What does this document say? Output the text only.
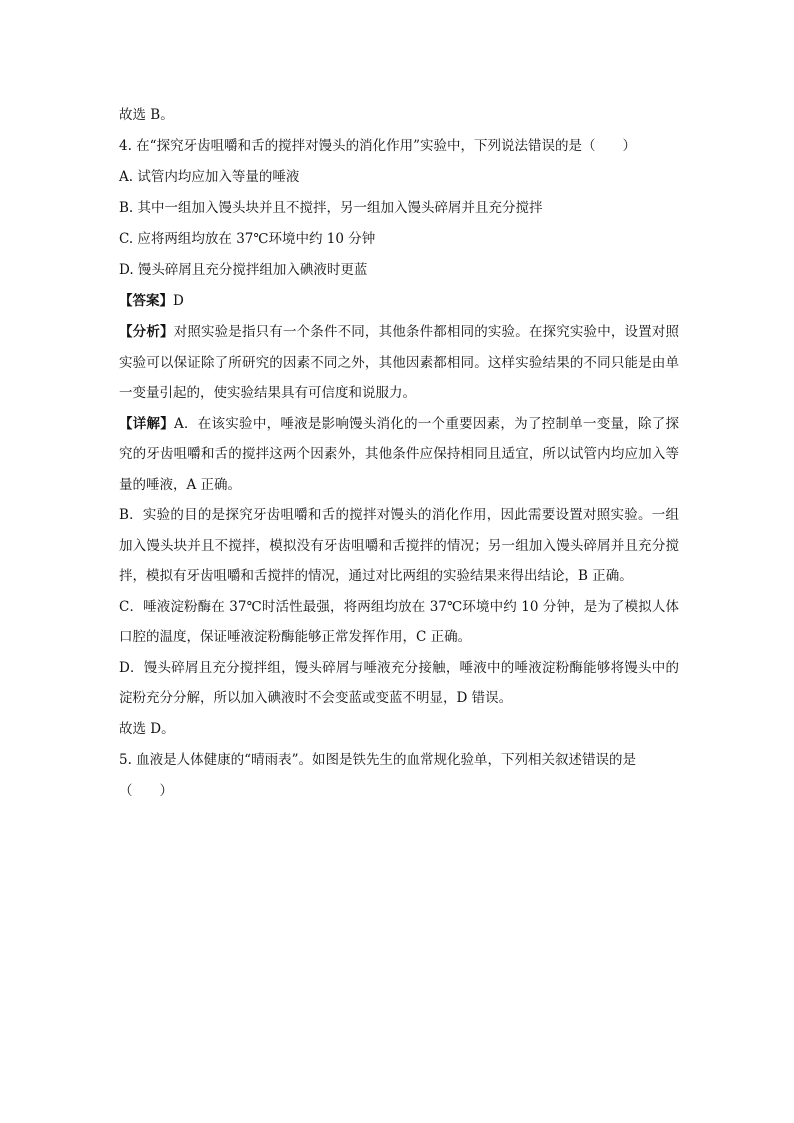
故选 B。

4. 在“探究牙齿咀嚼和舌的搅拌对馒头的消化作用”实验中，下列说法错误的是（　　）

A. 试管内均应加入等量的唾液

B. 其中一组加入馒头块并且不搅拌，另一组加入馒头碎屑并且充分搅拌

C. 应将两组均放在 37℃环境中约 10 分钟

D. 馒头碎屑且充分搅拌组加入碘液时更蓝

【答案】D

【分析】对照实验是指只有一个条件不同，其他条件都相同的实验。在探究实验中，设置对照实验可以保证除了所研究的因素不同之外，其他因素都相同。这样实验结果的不同只能是由单一变量引起的，使实验结果具有可信度和说服力。

【详解】A．在该实验中，唾液是影响馒头消化的一个重要因素，为了控制单一变量，除了探究的牙齿咀嚼和舌的搅拌这两个因素外，其他条件应保持相同且适宜，所以试管内均应加入等量的唾液，A 正确。

B．实验的目的是探究牙齿咀嚼和舌的搅拌对馒头的消化作用，因此需要设置对照实验。一组加入馒头块并且不搅拌，模拟没有牙齿咀嚼和舌搅拌的情况；另一组加入馒头碎屑并且充分搅拌，模拟有牙齿咀嚼和舌搅拌的情况，通过对比两组的实验结果来得出结论，B 正确。

C．唾液淀粉酶在 37℃时活性最强，将两组均放在 37℃环境中约 10 分钟，是为了模拟人体口腔的温度，保证唾液淀粉酶能够正常发挥作用，C 正确。

D．馒头碎屑且充分搅拌组，馒头碎屑与唾液充分接触，唾液中的唾液淀粉酶能够将馒头中的淀粉充分分解，所以加入碘液时不会变蓝或变蓝不明显，D 错误。

故选 D。

5. 血液是人体健康的“晴雨表”。如图是铁先生的血常规化验单，下列相关叙述错误的是

（　　）
